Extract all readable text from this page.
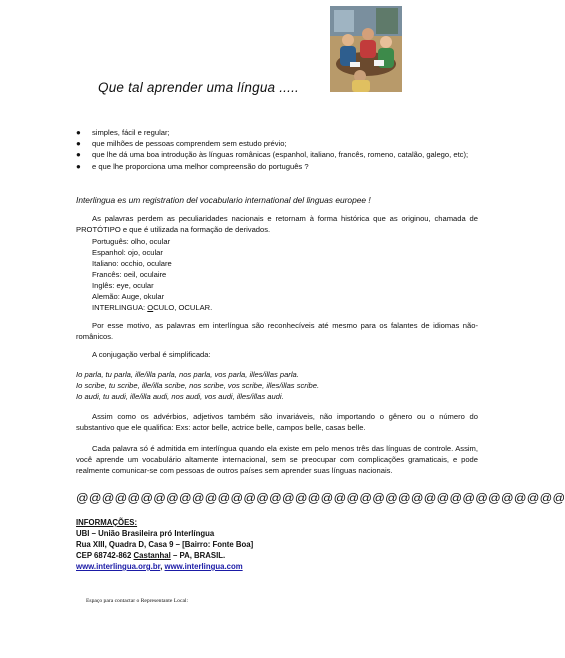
Que tal aprender uma língua .....
● simples, fácil e regular;
● que milhões de pessoas comprendem sem estudo prévio;
● que lhe dá uma boa introdução às línguas românicas (espanhol, italiano, francês, romeno, catalão, galego, etc);
● e que lhe proporciona uma melhor compreensão do português ?
Interlingua es um registration del vocabulario international del linguas europee !
As palavras perdem as peculiaridades nacionais e retornam à forma histórica que as originou, chamada de PROTÓTIPO e que é utilizada na formação de derivados.
Português: olho, ocular
Espanhol: ojo, ocular
Italiano: occhio, oculare
Francês: oeil, oculaire
Inglês: eye, ocular
Alemão: Auge, okular
INTERLINGUA: OCULO, OCULAR.
Por esse motivo, as palavras em interlíngua são reconhecíveis até mesmo para os falantes de idiomas não-românicos.
A conjugação verbal é simplificada:
Io parla, tu parla, ille/illa parla, nos parla, vos parla, illes/illas parla.
Io scribe, tu scribe, ille/illa scribe, nos scribe, vos scribe, illes/illas scribe.
Io audi, tu audi, ille/illa audi, nos audi, vos audi, illes/illas audi.
Assim como os advérbios, adjetivos também são invariáveis, não importando o gênero ou o número do substantivo que ele qualifica: Exs: actor belle, actrice belle, campos belle, casas belle.
Cada palavra só é admitida em interlíngua quando ela existe em pelo menos três das línguas de controle. Assim, você aprende um vocabulário altamente internacional, sem se preocupar com complicações gramaticais, e pode realmente comunicar-se com pessoas de outros países sem aprender suas línguas nacionais.
@@@@@@@@@@@@@@@@@@@@@@@@@@@@@@@@@@@@@@
INFORMAÇÕES:
UBI – União Brasileira pró Interlíngua
Rua XIII, Quadra D, Casa 9 – [Bairro: Fonte Boa]
CEP 68742-862 Castanhal – PA, BRASIL.
www.interlingua.org.br, www.interlingua.com
Espaço para contactar o Representante Local:
